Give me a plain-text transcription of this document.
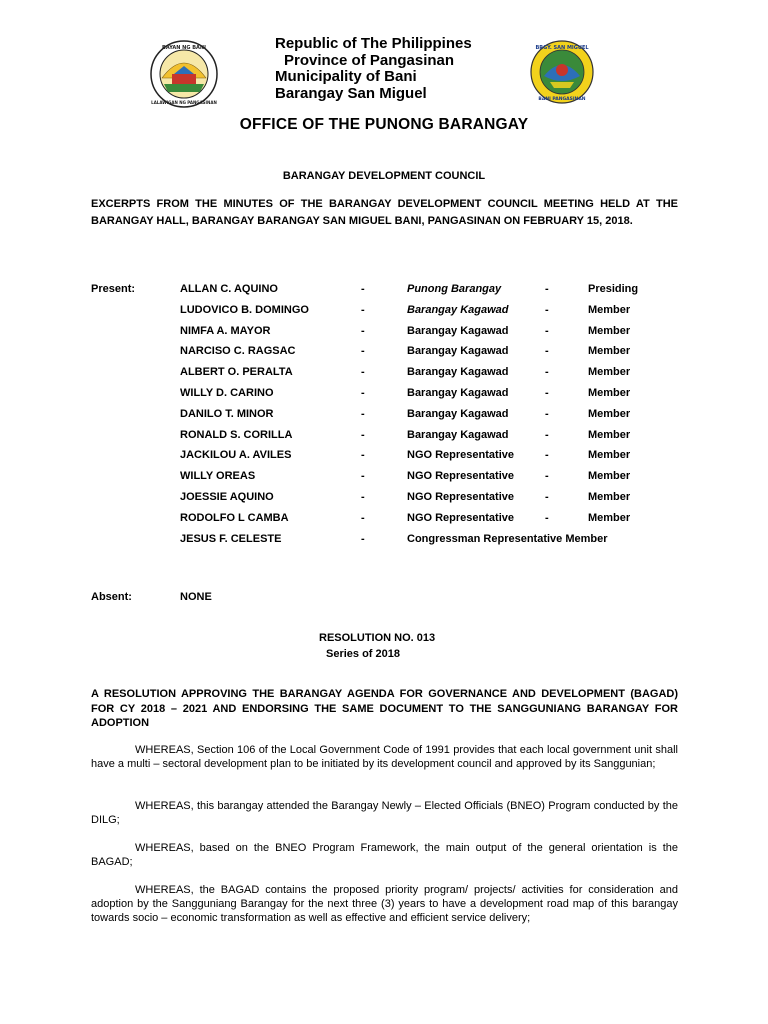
BAYAN NG BANI
LALAWIGAN NG PANGASINAN
Republic of The Philippines
Province of Pangasinan
Municipality of Bani
Barangay San Miguel
BRGY. SAN MIGUEL
BANI PANGASINAN
OFFICE OF THE PUNONG BARANGAY
BARANGAY DEVELOPMENT COUNCIL
EXCERPTS FROM THE MINUTES OF THE BARANGAY DEVELOPMENT COUNCIL MEETING HELD AT THE BARANGAY HALL, BARANGAY BARANGAY SAN MIGUEL BANI, PANGASINAN ON FEBRUARY 15, 2018.
Present:	ALLAN C. AQUINO	-	Punong Barangay	-	Presiding
LUDOVICO B. DOMINGO	-	Barangay Kagawad	-	Member
NIMFA A. MAYOR	-	Barangay Kagawad	-	Member
NARCISO C. RAGSAC	-	Barangay Kagawad	-	Member
ALBERT O. PERALTA	-	Barangay Kagawad	-	Member
WILLY D. CARINO	-	Barangay Kagawad	-	Member
DANILO T. MINOR	-	Barangay Kagawad	-	Member
RONALD S. CORILLA	-	Barangay Kagawad	-	Member
JACKILOU A. AVILES	-	NGO Representative	-	Member
WILLY OREAS	-	NGO Representative	-	Member
JOESSIE AQUINO	-	NGO Representative	-	Member
RODOLFO L CAMBA	-	NGO Representative	-	Member
JESUS F. CELESTE	-	Congressman Representative Member
Absent:	NONE
RESOLUTION NO. 013
Series of 2018
A RESOLUTION APPROVING THE BARANGAY AGENDA FOR GOVERNANCE AND DEVELOPMENT (BAGAD) FOR CY 2018 – 2021 AND ENDORSING THE SAME DOCUMENT TO THE SANGGUNIANG BARANGAY FOR ADOPTION

WHEREAS, Section 106 of the Local Government Code of 1991 provides that each local government unit shall have a multi – sectoral development plan to be initiated by its development council and approved by its Sanggunian;

WHEREAS, this barangay attended the Barangay Newly – Elected Officials (BNEO) Program conducted by the DILG;

WHEREAS, based on the BNEO Program Framework, the main output of the general orientation is the BAGAD;

WHEREAS, the BAGAD contains the proposed priority program/ projects/ activities for consideration and adoption by the Sangguniang Barangay for the next three (3) years to have a development road map of this barangay towards socio – economic transformation as well as effective and efficient service delivery;
